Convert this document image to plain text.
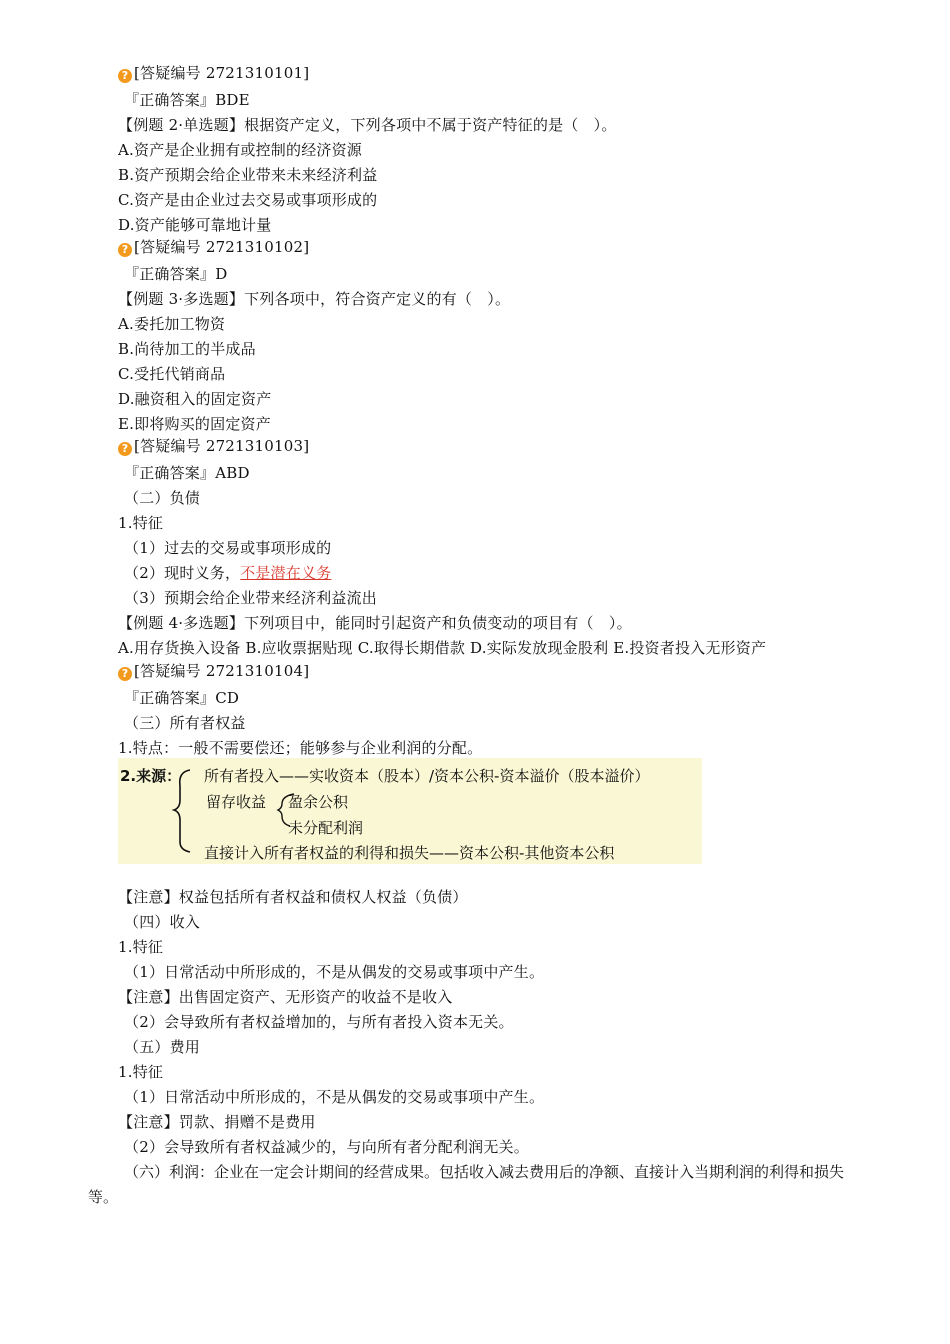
? [答疑编号 2721310101]
『正确答案』BDE
【例题 2·单选题】根据资产定义，下列各项中不属于资产特征的是（　）。
A.资产是企业拥有或控制的经济资源
B.资产预期会给企业带来未来经济利益
C.资产是由企业过去交易或事项形成的
D.资产能够可靠地计量
? [答疑编号 2721310102]
『正确答案』D
【例题 3·多选题】下列各项中，符合资产定义的有（　）。
A.委托加工物资
B.尚待加工的半成品
C.受托代销商品
D.融资租入的固定资产
E.即将购买的固定资产
? [答疑编号 2721310103]
『正确答案』ABD
（二）负债
1.特征
（1）过去的交易或事项形成的
（2）现时义务，不是潜在义务
（3）预期会给企业带来经济利益流出
【例题 4·多选题】下列项目中，能同时引起资产和负债变动的项目有（　）。
A.用存货换入设备 B.应收票据贴现 C.取得长期借款 D.实际发放现金股利 E.投资者投入无形资产
? [答疑编号 2721310104]
『正确答案』CD
（三）所有者权益
1.特点：一般不需要偿还；能够参与企业利润的分配。
2.来源： 所有者投入——实收资本（股本）/资本公积-资本溢价（股本溢价）
留存收益 盈余公积
未分配利润
直接计入所有者权益的利得和损失——资本公积-其他资本公积
【注意】权益包括所有者权益和债权人权益（负债）
（四）收入
1.特征
（1）日常活动中所形成的，不是从偶发的交易或事项中产生。
【注意】出售固定资产、无形资产的收益不是收入
（2）会导致所有者权益增加的，与所有者投入资本无关。
（五）费用
1.特征
（1）日常活动中所形成的，不是从偶发的交易或事项中产生。
【注意】罚款、捐赠不是费用
（2）会导致所有者权益减少的，与向所有者分配利润无关。
（六）利润：企业在一定会计期间的经营成果。包括收入减去费用后的净额、直接计入当期利润的利得和损失等。
